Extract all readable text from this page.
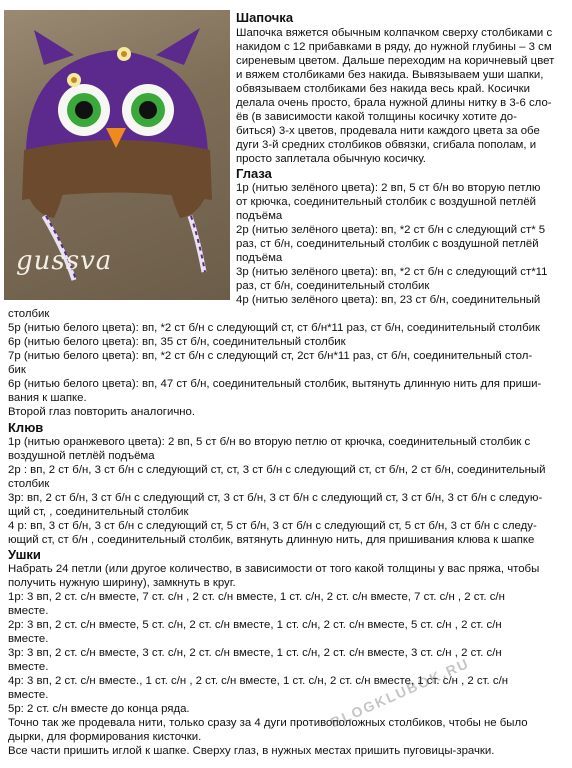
gussva
Шапочка
Шапочка вяжется обычным колпачком сверху столбиками с
накидом с 12 прибавками в ряду, до нужной глубины – 3 см
сиреневым цветом. Дальше переходим на коричневый цвет
и вяжем столбиками без накида. Вывязываем уши шапки,
обвязываем столбиками без накида весь край. Косички
делала очень просто, брала нужной длины нитку в 3-6 сло-
ёв (в зависимости какой толщины косичку хотите до-
биться) 3-х цветов, продевала нити каждого цвета за обе
дуги 3-й средних столбиков обвязки, сгибала пополам, и
просто заплетала обычную косичку.
Глаза
1р (нитью зелёного цвета): 2 вп, 5 ст б/н во вторую петлю
от крючка, соединительный столбик с воздушной петлёй
подъёма
2р (нитью зелёного цвета): вп, *2 ст б/н с следующий ст* 5
раз, ст б/н, соединительный столбик с воздушной петлёй
подъёма
3р (нитью зелёного цвета): вп, *2 ст б/н с следующий ст*11
раз, ст б/н, соединительный столбик
4р (нитью зелёного цвета): вп, 23 ст б/н, соединительный
столбик
5р (нитью белого цвета): вп, *2 ст б/н с следующий ст, ст б/н*11 раз, ст б/н, соединительный столбик
6р (нитью белого цвета): вп, 35 ст б/н, соединительный столбик
7р (нитью белого цвета): вп, *2 ст б/н с следующий ст, 2ст б/н*11 раз, ст б/н, соединительный стол-
бик
6р (нитью белого цвета): вп, 47 ст б/н, соединительный столбик, вытянуть длинную нить для приши-
вания к шапке.
Второй глаз повторить аналогично.
Клюв
1р (нитью оранжевого цвета): 2 вп, 5 ст б/н во вторую петлю от крючка, соединительный столбик с
воздушной петлёй подъёма
2р : вп, 2 ст б/н, 3 ст б/н с следующий ст, ст, 3 ст б/н с следующий ст, ст б/н, 2 ст б/н, соединительный
столбик
3р: вп, 2 ст б/н, 3 ст б/н с следующий ст, 3 ст б/н, 3 ст б/н с следующий ст, 3 ст б/н, 3 ст б/н с следую-
щий ст, , соединительный столбик
4 р: вп, 3 ст б/н, 3 ст б/н с следующий ст, 5 ст б/н, 3 ст б/н с следующий ст, 5 ст б/н, 3 ст б/н с следу-
ющий ст, ст б/н , соединительный столбик, вятянуть длинную нить, для пришивания клюва к шапке
Ушки
Набрать 24 петли (или другое количество, в зависимости от того какой толщины у вас пряжа, чтобы
получить нужную ширину), замкнуть в круг.
1р: 3 вп, 2 ст. с/н вместе, 7 ст. с/н , 2 ст. с/н вместе, 1 ст. с/н, 2 ст. с/н вместе, 7 ст. с/н , 2 ст. с/н
вместе.
2р: 3 вп, 2 ст. с/н вместе, 5 ст. с/н, 2 ст. с/н вместе, 1 ст. с/н, 2 ст. с/н вместе, 5 ст. с/н , 2 ст. с/н
вместе.
3р: 3 вп, 2 ст. с/н вместе, 3 ст. с/н, 2 ст. с/н вместе, 1 ст. с/н, 2 ст. с/н вместе, 3 ст. с/н , 2 ст. с/н
вместе.
4р: 3 вп, 2 ст. с/н вместе., 1 ст. с/н , 2 ст. с/н вместе, 1 ст. с/н, 2 ст. с/н вместе, 1 ст. с/н , 2 ст. с/н
вместе.
5р: 2 ст. с/н вместе до конца ряда.
Точно так же продевала нити, только сразу за 4 дуги противоположных столбиков, чтобы не было
дырки, для формирования кисточки.
Все части пришить иглой к шапке. Сверху глаз, в нужных местах пришить пуговицы-зрачки.
BLOGKLUBOK.RU
